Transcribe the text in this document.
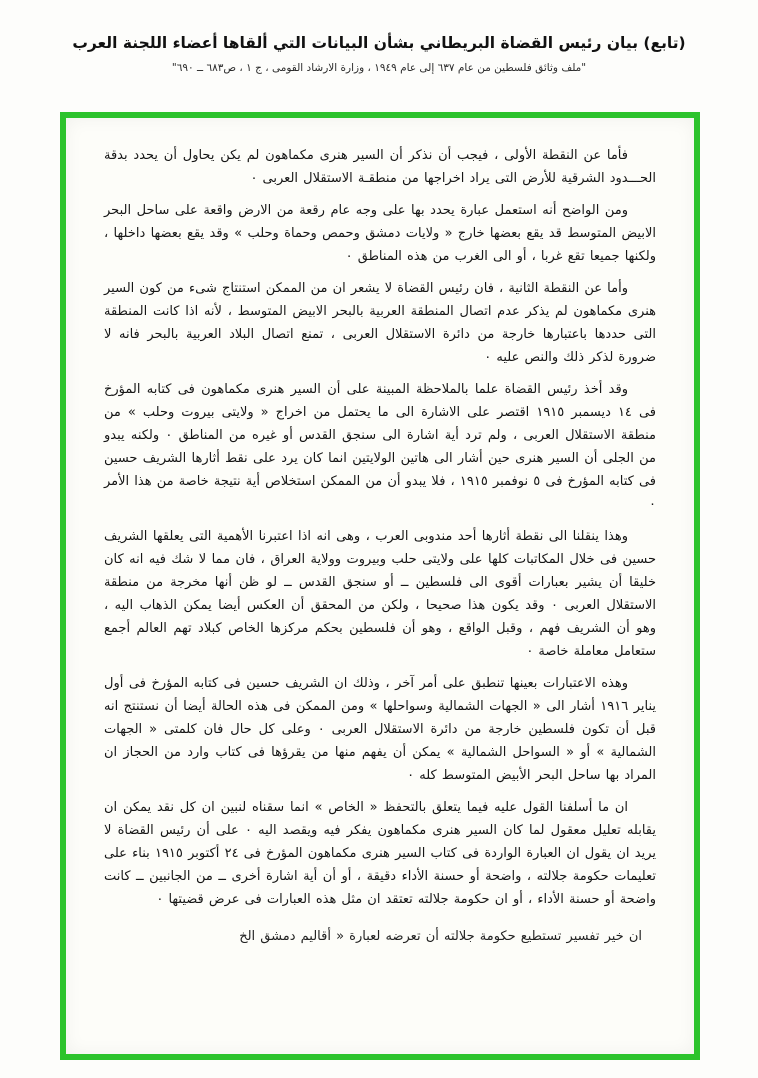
(تابع) بيان رئيس القضاة البريطاني بشأن البيانات التي ألقاها أعضاء اللجنة العرب
"ملف وثائق فلسطين من عام ٦٣٧ إلى عام ١٩٤٩ ، وزارة الارشاد القومى ، ج ١ ، ص٦٨٣ ــ ٦٩٠"

فأما عن النقطة الأولى ، فيجب أن نذكر أن السير هنرى مكماهون لم يكن يحاول أن يحدد بدقة الحـــدود الشرقية للأرض التى يراد اخراجها من منطقـة الاستقلال العربى ۰

ومن الواضح أنه استعمل عبارة يحدد بها على وجه عام رقعة من الارض واقعة على ساحل البحر الابيض المتوسط قد يقع بعضها خارج « ولايات دمشق وحمص وحماة وحلب » وقد يقع بعضها داخلها ، ولكنها جميعا تقع غربا ، أو الى الغرب من هذه المناطق ۰

وأما عن النقطة الثانية ، فان رئيس القضاة لا يشعر ان من الممكن استنتاج شىء من كون السير هنرى مكماهون لم يذكر عدم اتصال المنطقة العربية بالبحر الابيض المتوسط ، لأنه اذا كانت المنطقة التى حددها باعتبارها خارجة من دائرة الاستقلال العربى ، تمنع اتصال البلاد العربية بالبحر فانه لا ضرورة لذكر ذلك والنص عليه ۰

وقد أخذ رئيس القضاة علما بالملاحظة المبينة على أن السير هنرى مكماهون فى كتابه المؤرخ فى ١٤ ديسمبر ١٩١٥ اقتصر على الاشارة الى ما يحتمل من اخراج « ولايتى بيروت وحلب » من منطقة الاستقلال العربى ، ولم ترد أية اشارة الى سنجق القدس أو غيره من المناطق ۰ ولكنه يبدو من الجلى أن السير هنرى حين أشار الى هاتين الولايتين انما كان يرد على نقط أثارها الشريف حسين فى كتابه المؤرخ فى ٥ نوفمبر ١٩١٥ ، فلا يبدو أن من الممكن استخلاص أية نتيجة خاصة من هذا الأمر ۰

وهذا ينقلنا الى نقطة أثارها أحد مندوبى العرب ، وهى انه اذا اعتبرنا الأهمية التى يعلقها الشريف حسين فى خلال المكاتبات كلها على ولايتى حلب وبيروت وولاية العراق ، فان مما لا شك فيه انه كان خليقا أن يشير بعبارات أقوى الى فلسطين ــ أو سنجق القدس ــ لو ظن أنها مخرجة من منطقة الاستقلال العربى ۰ وقد يكون هذا صحيحا ، ولكن من المحقق أن العكس أيضا يمكن الذهاب اليه ، وهو أن الشريف فهم ، وقبل الواقع ، وهو أن فلسطين بحكم مركزها الخاص كبلاد تهم العالم أجمع ستعامل معاملة خاصة ۰

وهذه الاعتبارات بعينها تنطبق على أمر آخر ، وذلك ان الشريف حسين فى كتابه المؤرخ فى أول يناير ١٩١٦ أشار الى « الجهات الشمالية وسواحلها » ومن الممكن فى هذه الحالة أيضا أن نستنتج انه قبل أن تكون فلسطين خارجة من دائرة الاستقلال العربى ۰ وعلى كل حال فان كلمتى « الجهات الشمالية » أو « السواحل الشمالية » يمكن أن يفهم منها من يقرؤها فى كتاب وارد من الحجاز ان المراد بها ساحل البحر الأبيض المتوسط كله ۰

ان ما أسلفنا القول عليه فيما يتعلق بالتحفظ « الخاص » انما سقناه لنبين ان كل نقد يمكن ان يقابله تعليل معقول لما كان السير هنرى مكماهون يفكر فيه ويقصد اليه ۰ على أن رئيس القضاة لا يريد ان يقول ان العبارة الواردة فى كتاب السير هنرى مكماهون المؤرخ فى ٢٤ أكتوبر ١٩١٥ بناء على تعليمات حكومة جلالته ، واضحة أو حسنة الأداء دقيقة ، أو أن أية اشارة أخرى ــ من الجانبين ــ كانت واضحة أو حسنة الأداء ، أو ان حكومة جلالته تعتقد ان مثل هذه العبارات فى عرض قضيتها ۰

ان خير تفسير تستطيع حكومة جلالته أن تعرضه لعبارة « أقاليم دمشق الخ
